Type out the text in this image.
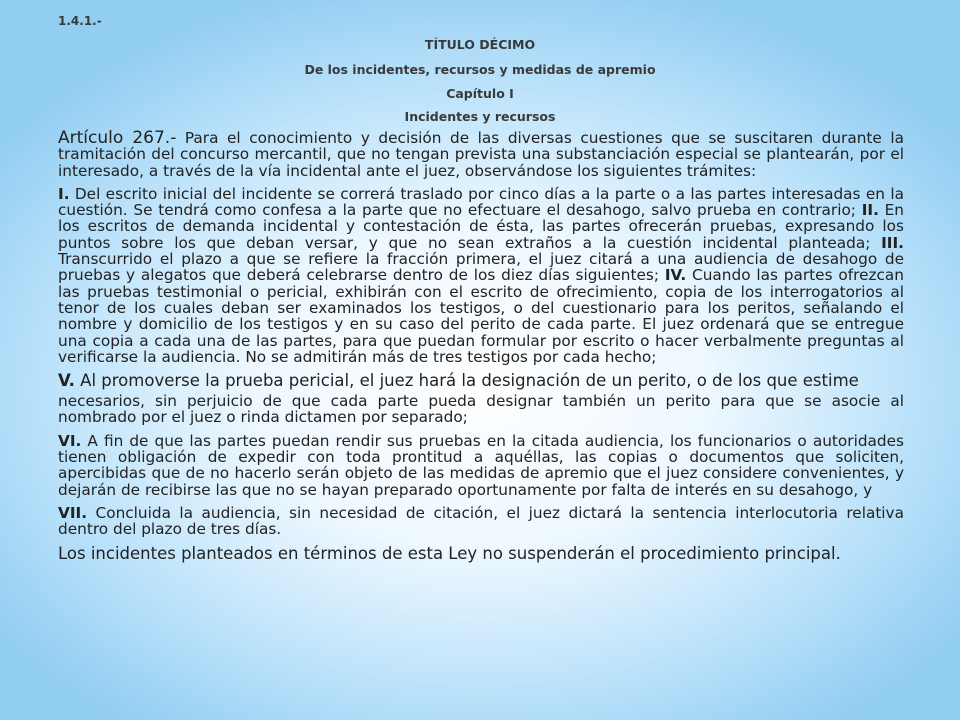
1.4.1.-
TÍTULO DÉCIMO
De los incidentes, recursos y medidas de apremio
Capítulo I
Incidentes y recursos

Artículo 267.- Para el conocimiento y decisión de las diversas cuestiones que se suscitaren durante la tramitación del concurso mercantil, que no tengan prevista una substanciación especial se plantearán, por el interesado, a través de la vía incidental ante el juez, observándose los siguientes trámites:

I. Del escrito inicial del incidente se correrá traslado por cinco días a la parte o a las partes interesadas en la cuestión. Se tendrá como confesa a la parte que no efectuare el desahogo, salvo prueba en contrario; II. En los escritos de demanda incidental y contestación de ésta, las partes ofrecerán pruebas, expresando los puntos sobre los que deban versar, y que no sean extraños a la cuestión incidental planteada; III. Transcurrido el plazo a que se refiere la fracción primera, el juez citará a una audiencia de desahogo de pruebas y alegatos que deberá celebrarse dentro de los diez días siguientes; IV. Cuando las partes ofrezcan las pruebas testimonial o pericial, exhibirán con el escrito de ofrecimiento, copia de los interrogatorios al tenor de los cuales deban ser examinados los testigos, o del cuestionario para los peritos, señalando el nombre y domicilio de los testigos y en su caso del perito de cada parte. El juez ordenará que se entregue una copia a cada una de las partes, para que puedan formular por escrito o hacer verbalmente preguntas al verificarse la audiencia. No se admitirán más de tres testigos por cada hecho;

V. Al promoverse la prueba pericial, el juez hará la designación de un perito, o de los que estime

necesarios, sin perjuicio de que cada parte pueda designar también un perito para que se asocie al nombrado por el juez o rinda dictamen por separado;

VI. A fin de que las partes puedan rendir sus pruebas en la citada audiencia, los funcionarios o autoridades tienen obligación de expedir con toda prontitud a aquéllas, las copias o documentos que soliciten, apercibidas que de no hacerlo serán objeto de las medidas de apremio que el juez considere convenientes, y dejarán de recibirse las que no se hayan preparado oportunamente por falta de interés en su desahogo, y

VII. Concluida la audiencia, sin necesidad de citación, el juez dictará la sentencia interlocutoria relativa dentro del plazo de tres días.

Los incidentes planteados en términos de esta Ley no suspenderán el procedimiento principal.
